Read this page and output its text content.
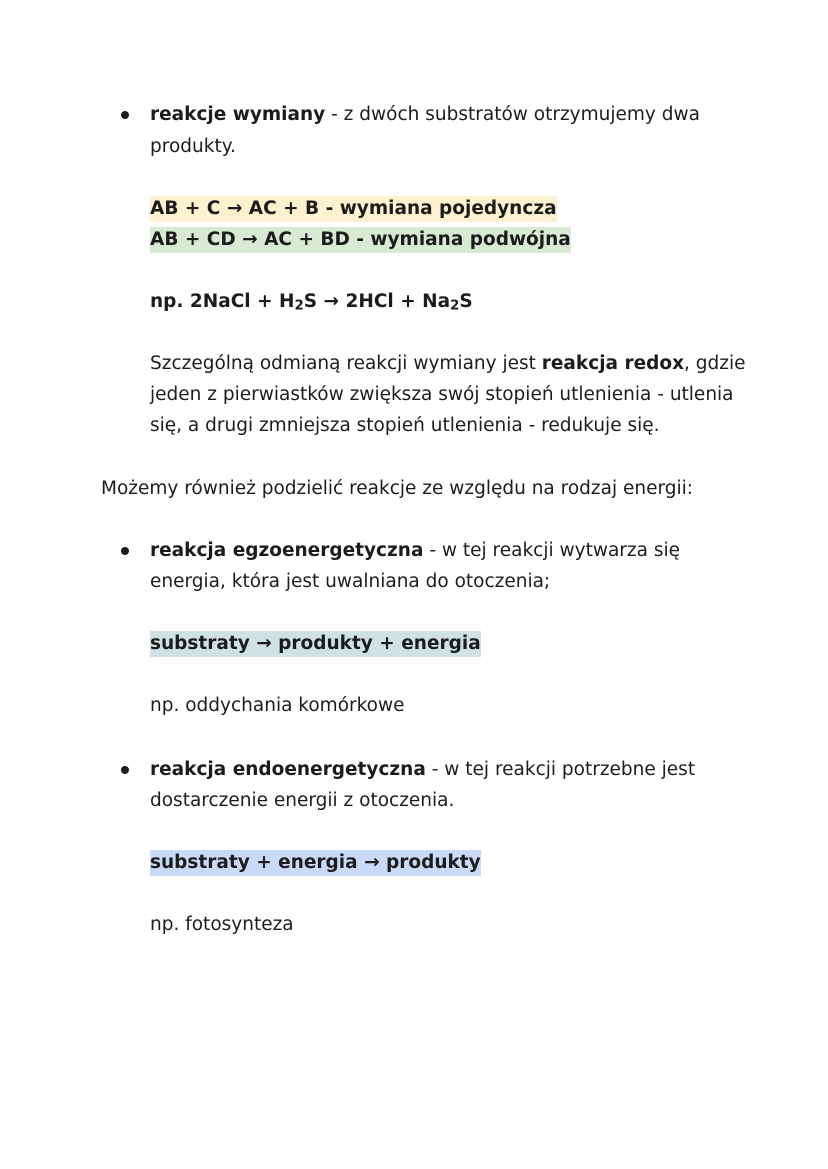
reakcje wymiany - z dwóch substratów otrzymujemy dwa
produkty.
AB + C → AC + B - wymiana pojedyncza
AB + CD → AC + BD - wymiana podwójna
np. 2NaCl + $H_2S \to 2HCl + Na_2S$
Szczególną odmianą reakcji wymiany jest reakcja redox, gdzie
jeden z pierwiastków zwiększa swój stopień utlenienia - utlenia
się, a drugi zmniejsza stopień utlenienia - redukuje się.
Możemy również podzielić reakcje ze względu na rodzaj energii:
reakcja egzoenergetyczna - w tej reakcji wytwarza się
energia, która jest uwalniana do otoczenia;
substraty → produkty + energia
np. oddychania komórkowe
reakcja endoenergetyczna - w tej reakcji potrzebne jest
dostarczenie energii z otoczenia.
substraty + energia → produkty
np. fotosynteza
